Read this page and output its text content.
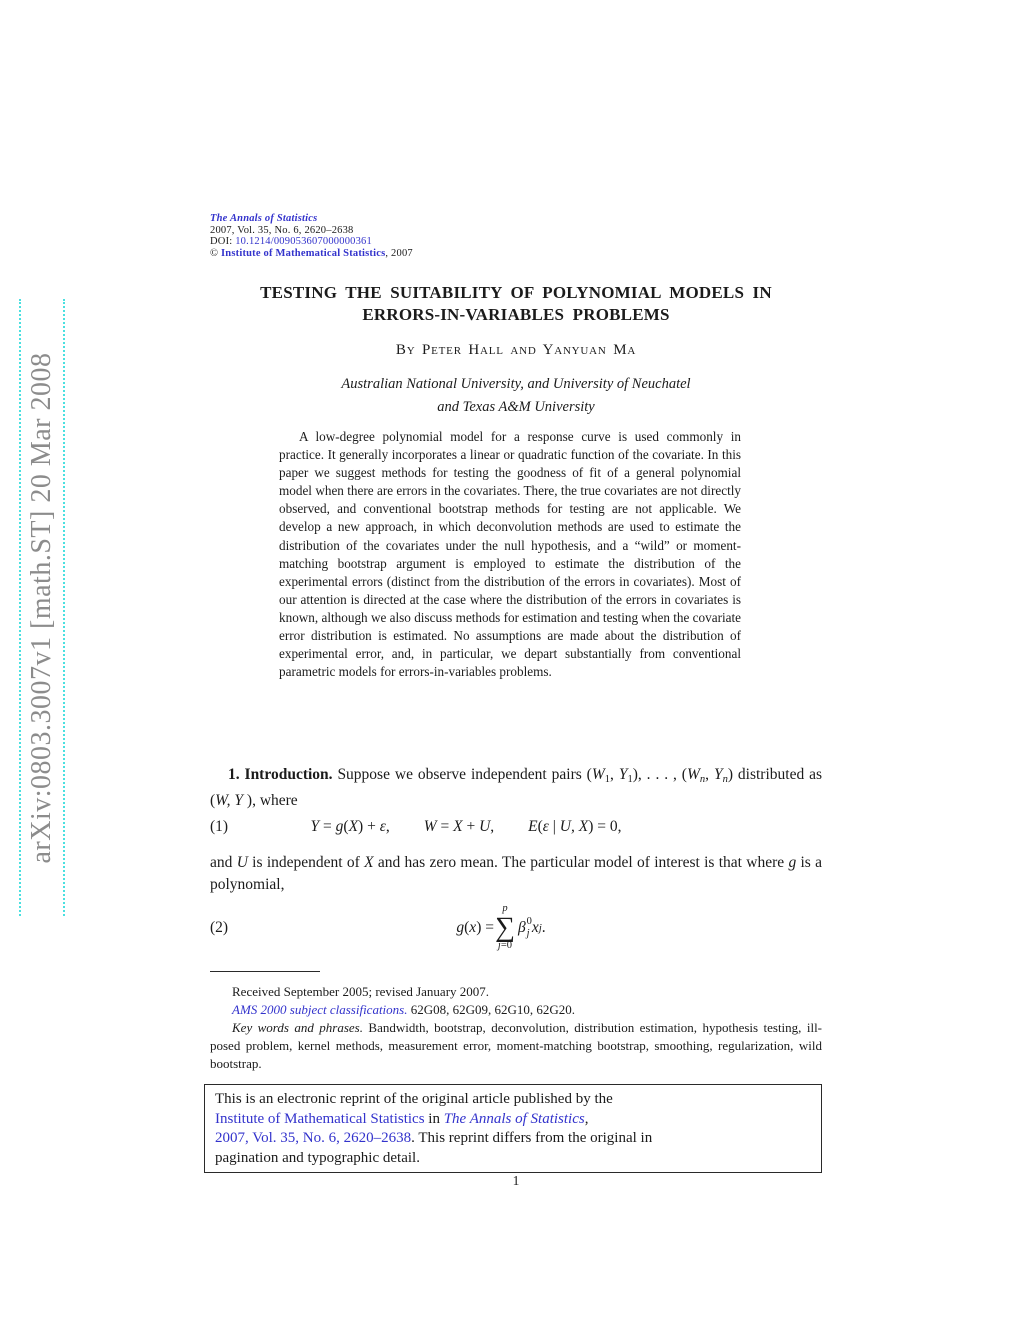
arXiv:0803.3007v1 [math.ST] 20 Mar 2008
The Annals of Statistics
2007, Vol. 35, No. 6, 2620–2638
DOI: 10.1214/009053607000000361
© Institute of Mathematical Statistics, 2007
TESTING THE SUITABILITY OF POLYNOMIAL MODELS IN
ERRORS-IN-VARIABLES PROBLEMS
By Peter Hall and Yanyuan Ma
Australian National University, and University of Neuchatel
and Texas A&M University
A low-degree polynomial model for a response curve is used commonly in practice. It generally incorporates a linear or quadratic function of the covariate. In this paper we suggest methods for testing the goodness of fit of a general polynomial model when there are errors in the covariates. There, the true covariates are not directly observed, and conventional bootstrap methods for testing are not applicable. We develop a new approach, in which deconvolution methods are used to estimate the distribution of the covariates under the null hypothesis, and a “wild” or moment-matching bootstrap argument is employed to estimate the distribution of the experimental errors (distinct from the distribution of the errors in covariates). Most of our attention is directed at the case where the distribution of the errors in covariates is known, although we also discuss methods for estimation and testing when the covariate error distribution is estimated. No assumptions are made about the distribution of experimental error, and, in particular, we depart substantially from conventional parametric models for errors-in-variables problems.
1. Introduction. Suppose we observe independent pairs ($W_1$, $Y_1$), . . . , ($W_n$, $Y_n$) distributed as (W, Y ), where
(1)	Y = g(X) + ε, W = X + U, E(ε | U, X) = 0,
and U is independent of X and has zero mean. The particular model of interest is that where g is a polynomial,
(2)	g(x) =
p
∑
j=0
β 0
j x j .
Received September 2005; revised January 2007.
AMS 2000 subject classifications. 62G08, 62G09, 62G10, 62G20.
Key words and phrases. Bandwidth, bootstrap, deconvolution, distribution estimation, hypothesis testing, ill-posed problem, kernel methods, measurement error, moment-matching bootstrap, smoothing, regularization, wild bootstrap.
This is an electronic reprint of the original article published by the
Institute of Mathematical Statistics in The Annals of Statistics,
2007, Vol. 35, No. 6, 2620–2638. This reprint differs from the original in
pagination and typographic detail.
1
